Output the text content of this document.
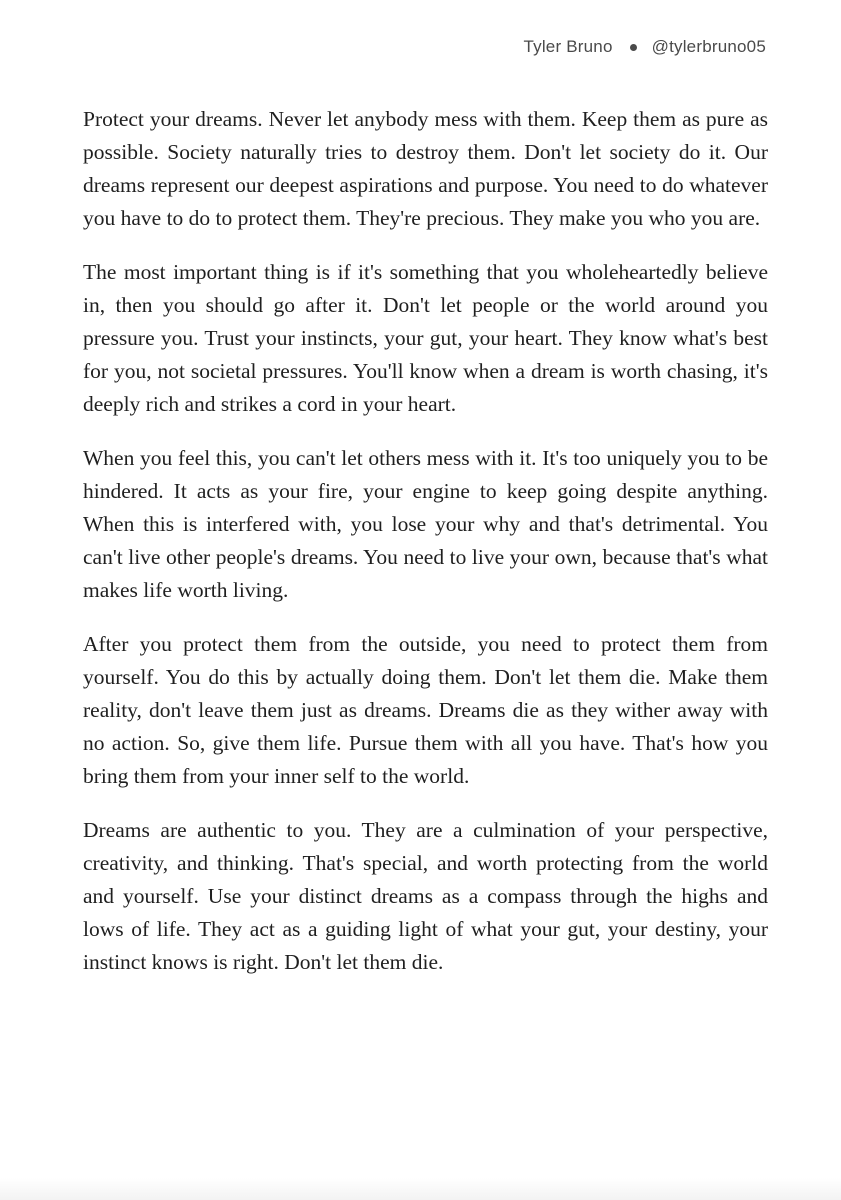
Tyler Bruno @tylerbruno05

Protect your dreams. Never let anybody mess with them. Keep them as pure as possible. Society naturally tries to destroy them. Don't let society do it. Our dreams represent our deepest aspirations and purpose. You need to do whatever you have to do to protect them. They're precious. They make you who you are.

The most important thing is if it's something that you wholeheartedly believe in, then you should go after it. Don't let people or the world around you pressure you. Trust your instincts, your gut, your heart. They know what's best for you, not societal pressures. You'll know when a dream is worth chasing, it's deeply rich and strikes a cord in your heart.

When you feel this, you can't let others mess with it. It's too uniquely you to be hindered. It acts as your fire, your engine to keep going despite anything. When this is interfered with, you lose your why and that's detrimental. You can't live other people's dreams. You need to live your own, because that's what makes life worth living.

After you protect them from the outside, you need to protect them from yourself. You do this by actually doing them. Don't let them die. Make them reality, don't leave them just as dreams. Dreams die as they wither away with no action. So, give them life. Pursue them with all you have. That's how you bring them from your inner self to the world.

Dreams are authentic to you. They are a culmination of your perspective, creativity, and thinking. That's special, and worth protecting from the world and yourself. Use your distinct dreams as a compass through the highs and lows of life. They act as a guiding light of what your gut, your destiny, your instinct knows is right. Don't let them die.
